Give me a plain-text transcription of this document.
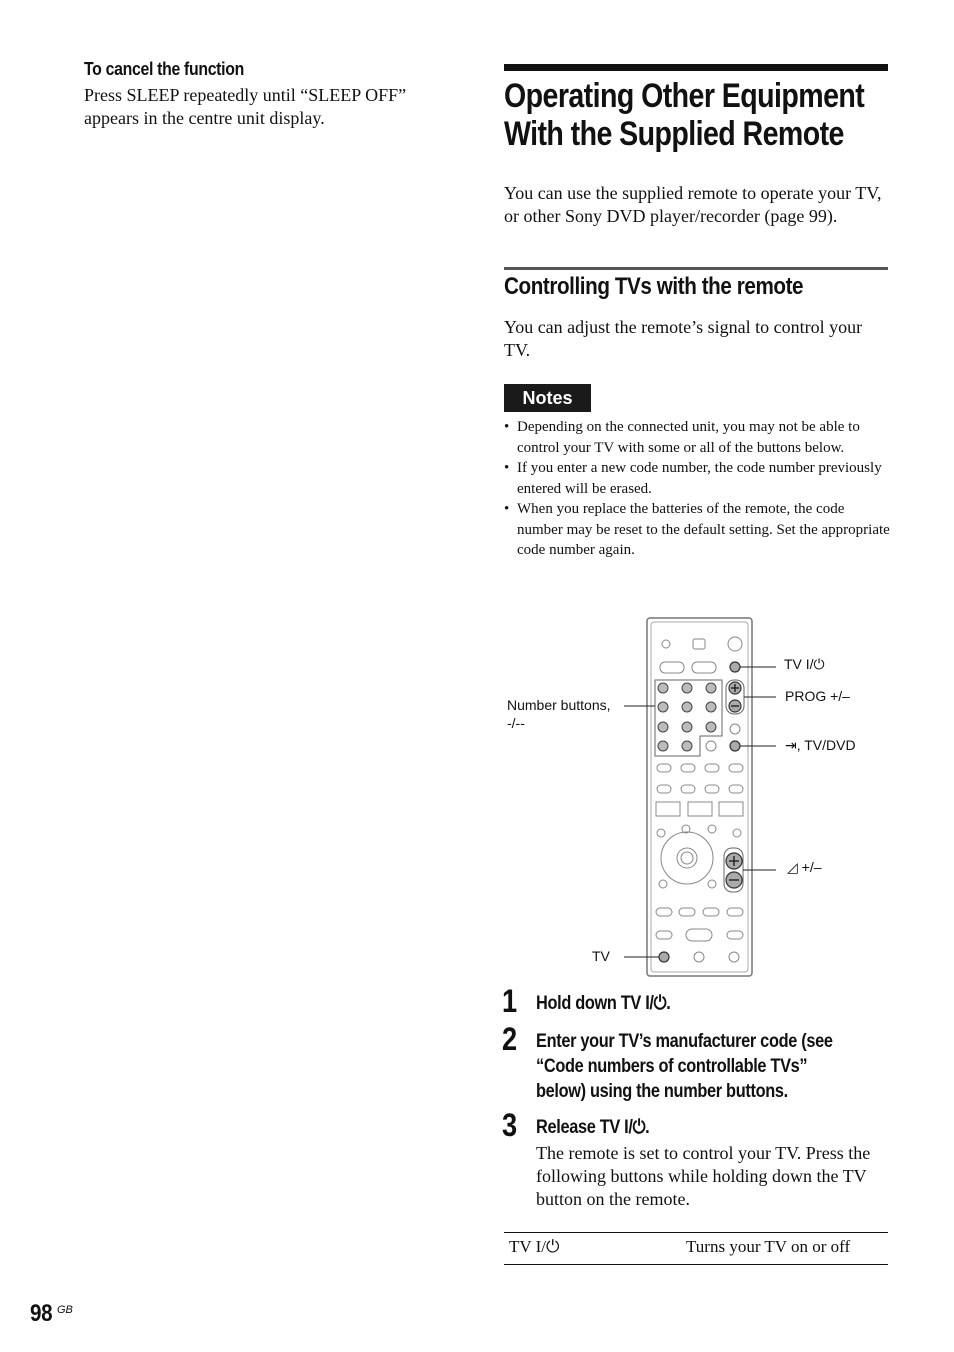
To cancel the function
Press SLEEP repeatedly until “SLEEP OFF” appears in the centre unit display.
Operating Other Equipment
With the Supplied Remote
You can use the supplied remote to operate your TV, or other Sony DVD player/recorder (page 99).
Controlling TVs with the remote
You can adjust the remote’s signal to control your TV.
Notes
• Depending on the connected unit, you may not be able to control your TV with some or all of the buttons below.
• If you enter a new code number, the code number previously entered will be erased.
• When you replace the batteries of the remote, the code number may be reset to the default setting. Set the appropriate code number again.
TV I/⏻
PROG +/–
Number buttons,
-/--
⇥, TV/DVD
◿ +/–
TV
1 Hold down TV I/⏻.
2 Enter your TV’s manufacturer code (see
“Code numbers of controllable TVs”
below) using the number buttons.
3 Release TV I/⏻.
The remote is set to control your TV. Press the following buttons while holding down the TV button on the remote.
TV I/⏻	Turns your TV on or off
98 GB
